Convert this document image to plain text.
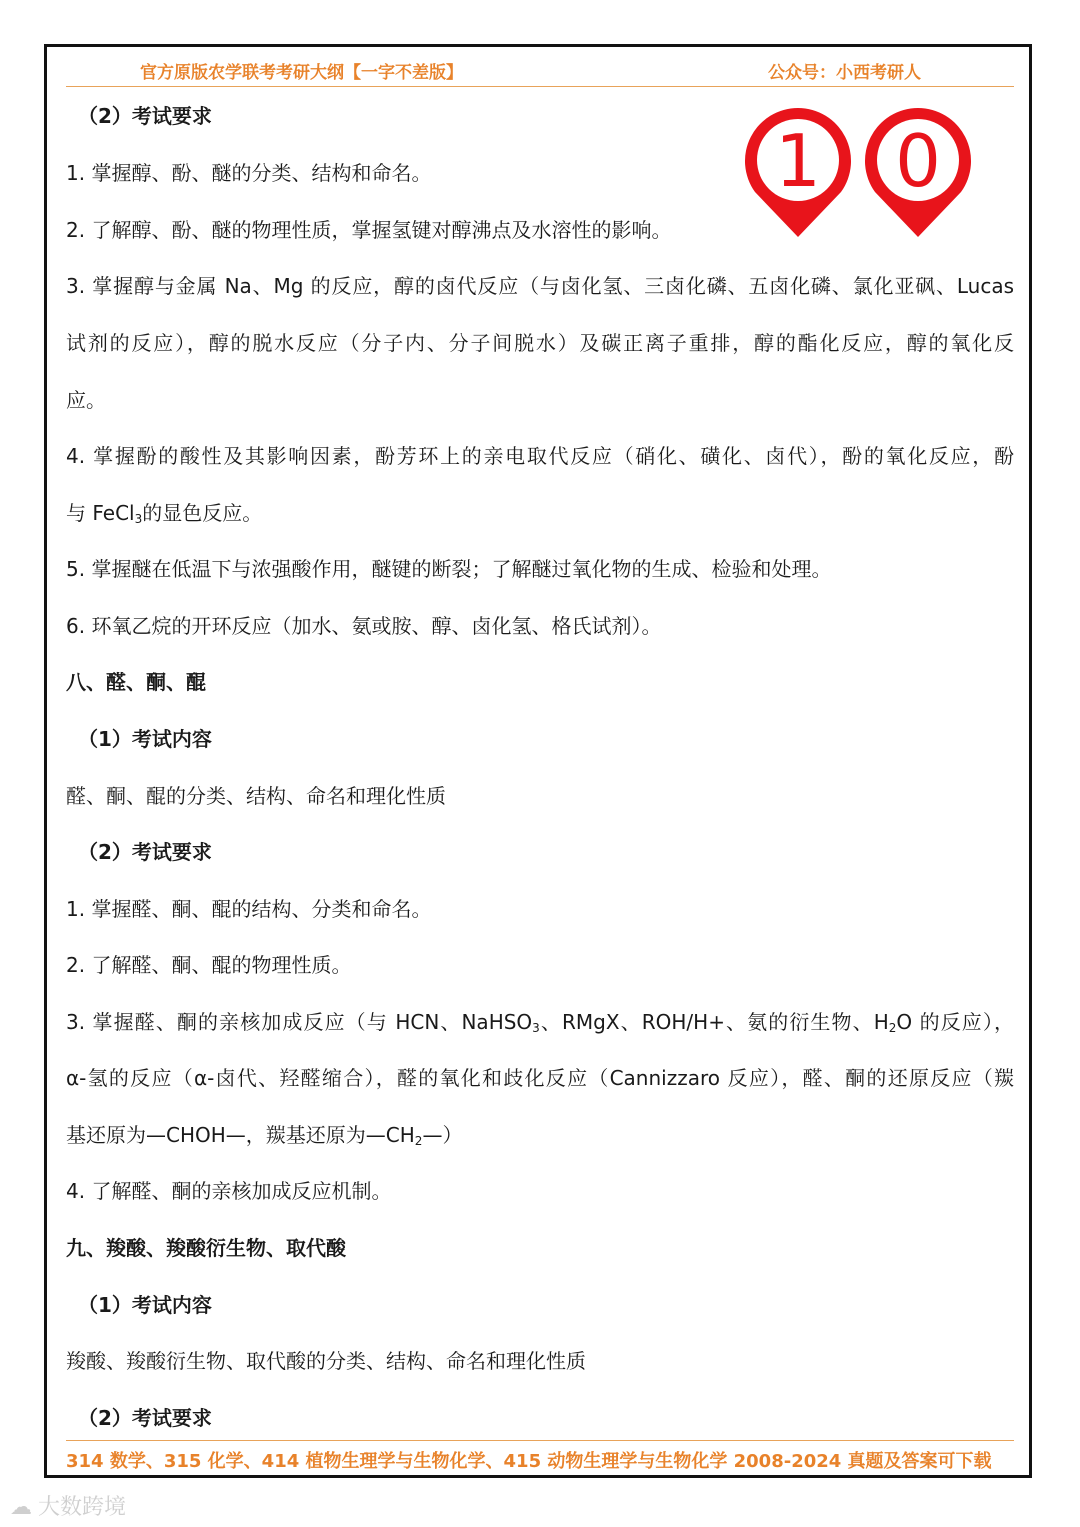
官方原版农学联考考研大纲【一字不差版】	公众号：小西考研人
1 0
（2）考试要求
1. 掌握醇、酚、醚的分类、结构和命名。
2. 了解醇、酚、醚的物理性质，掌握氢键对醇沸点及水溶性的影响。
3. 掌握醇与金属 Na、Mg 的反应，醇的卤代反应（与卤化氢、三卤化磷、五卤化磷、氯化亚砜、Lucas
试剂的反应），醇的脱水反应（分子内、分子间脱水）及碳正离子重排，醇的酯化反应，醇的氧化反
应。
4. 掌握酚的酸性及其影响因素，酚芳环上的亲电取代反应（硝化、磺化、卤代），酚的氧化反应，酚
与 FeCl$_3$的显色反应。
5. 掌握醚在低温下与浓强酸作用，醚键的断裂；了解醚过氧化物的生成、检验和处理。
6. 环氧乙烷的开环反应（加水、氨或胺、醇、卤化氢、格氏试剂）。
八、醛、酮、醌
（1）考试内容
醛、酮、醌的分类、结构、命名和理化性质
（2）考试要求
1. 掌握醛、酮、醌的结构、分类和命名。
2. 了解醛、酮、醌的物理性质。
3. 掌握醛、酮的亲核加成反应（与 HCN、NaHSO$_3$、RMgX、ROH/H+、氨的衍生物、$H_2O$ 的反应），
α-氢的反应（α-卤代、羟醛缩合），醛的氧化和歧化反应（Cannizzaro 反应），醛、酮的还原反应（羰
基还原为—CHOH—，羰基还原为$—CH_2—$）
4. 了解醛、酮的亲核加成反应机制。
九、羧酸、羧酸衍生物、取代酸
（1）考试内容
羧酸、羧酸衍生物、取代酸的分类、结构、命名和理化性质
（2）考试要求
314 数学、315 化学、414 植物生理学与生物化学、415 动物生理学与生物化学 2008-2024 真题及答案可下载
☁ 大数跨境
